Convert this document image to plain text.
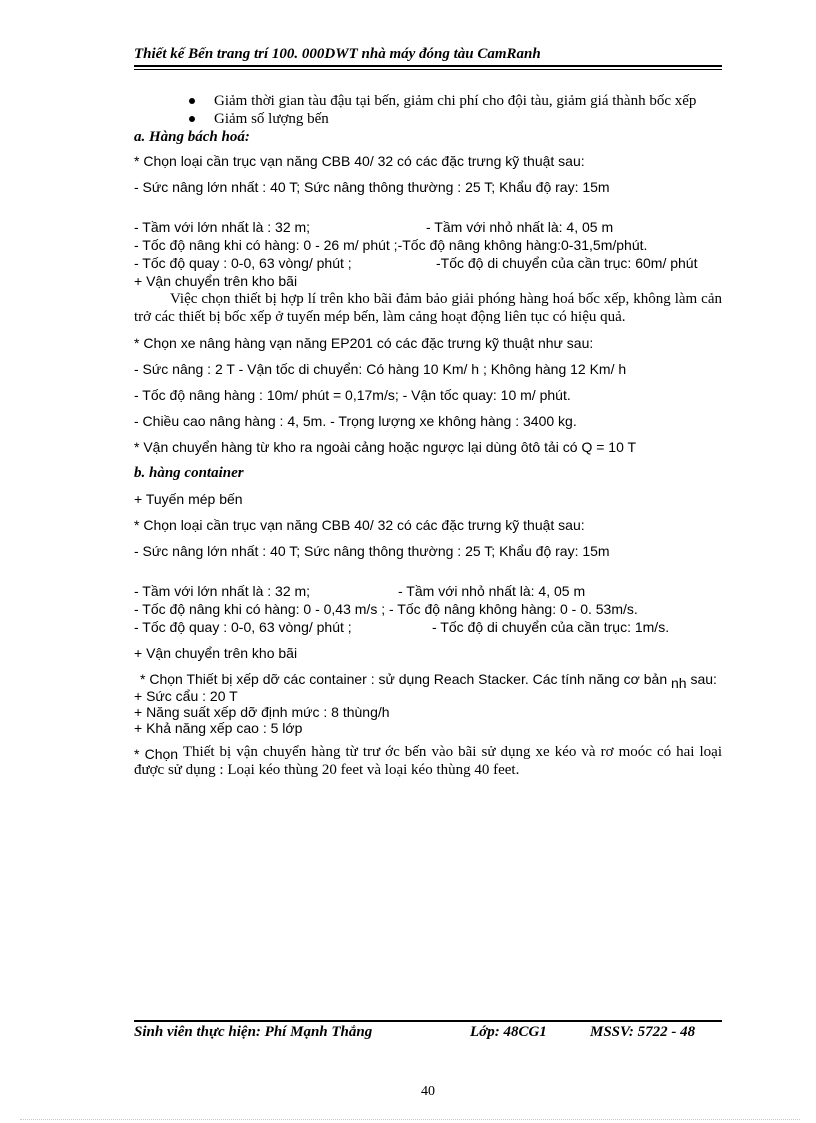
Thiết kế Bến trang trí 100. 000DWT nhà máy đóng tàu CamRanh

Giảm thời gian tàu đậu tại bến, giảm chi phí cho đội tàu, giảm giá thành bốc xếp

Giảm số lượng bến

a. Hàng bách hoá:

* Chọn loại cần trục vạn năng CBB 40/ 32 có các đặc trưng kỹ thuật sau:

- Sức nâng lớn nhất : 40 T; Sức nâng thông thường : 25 T; Khẩu độ ray: 15m

- Tầm với lớn nhất là : 32 m;	- Tầm với nhỏ nhất là: 4, 05 m

- Tốc độ nâng khi có hàng: 0 - 26 m/ phút ;-Tốc độ nâng không hàng:0-31,5m/phút.

- Tốc độ quay : 0-0, 63 vòng/ phút ;	-Tốc độ di chuyển của cần trục: 60m/ phút

+ Vận chuyển trên kho bãi

Việc chọn thiết bị hợp lí trên kho bãi đảm bảo giải phóng hàng hoá bốc xếp, không làm cản trở các thiết bị bốc xếp ở tuyến mép bến, làm cảng hoạt động liên tục có hiệu quả.

* Chọn xe nâng hàng vạn năng EP201 có các đặc trưng kỹ thuật như sau:

- Sức nâng : 2 T - Vận tốc di chuyển: Có hàng 10 Km/ h ; Không hàng 12 Km/ h

- Tốc độ nâng hàng : 10m/ phút = 0,17m/s; - Vận tốc quay: 10 m/ phút.

- Chiều cao nâng hàng : 4, 5m. - Trọng lượng xe không hàng : 3400 kg.

* Vận chuyển hàng từ kho ra ngoài cảng hoặc ngược lại dùng ôtô tải có Q = 10 T

b. hàng container

+ Tuyến mép bến

* Chọn loại cần trục vạn năng CBB 40/ 32 có các đặc trưng kỹ thuật sau:

- Sức nâng lớn nhất : 40 T; Sức nâng thông thường : 25 T; Khẩu độ ray: 15m

- Tầm với lớn nhất là : 32 m;	- Tầm với nhỏ nhất là: 4, 05 m

- Tốc độ nâng khi có hàng: 0 - 0,43 m/s ; - Tốc độ nâng không hàng: 0 - 0. 53m/s.

- Tốc độ quay : 0-0, 63 vòng/ phút ;	- Tốc độ di chuyển của cần trục: 1m/s.

+ Vận chuyển trên kho bãi

* Chọn Thiết bị xếp dỡ các container : sử dụng Reach Stacker. Các tính năng cơ bản nh sau:

+ Sức cẩu : 20 T

+ Năng suất xếp dỡ định mức : 8 thùng/h

+ Khả năng xếp cao : 5 lớp

* Chọn Thiết bị vận chuyển hàng từ trư ớc bến vào bãi sử dụng xe kéo và rơ moóc có hai loại được sử dụng : Loại kéo thùng 20 feet và loại kéo thùng 40 feet.

Sinh viên thực hiện: Phí Mạnh Thắng	Lớp: 48CG1	MSSV: 5722 - 48
40
